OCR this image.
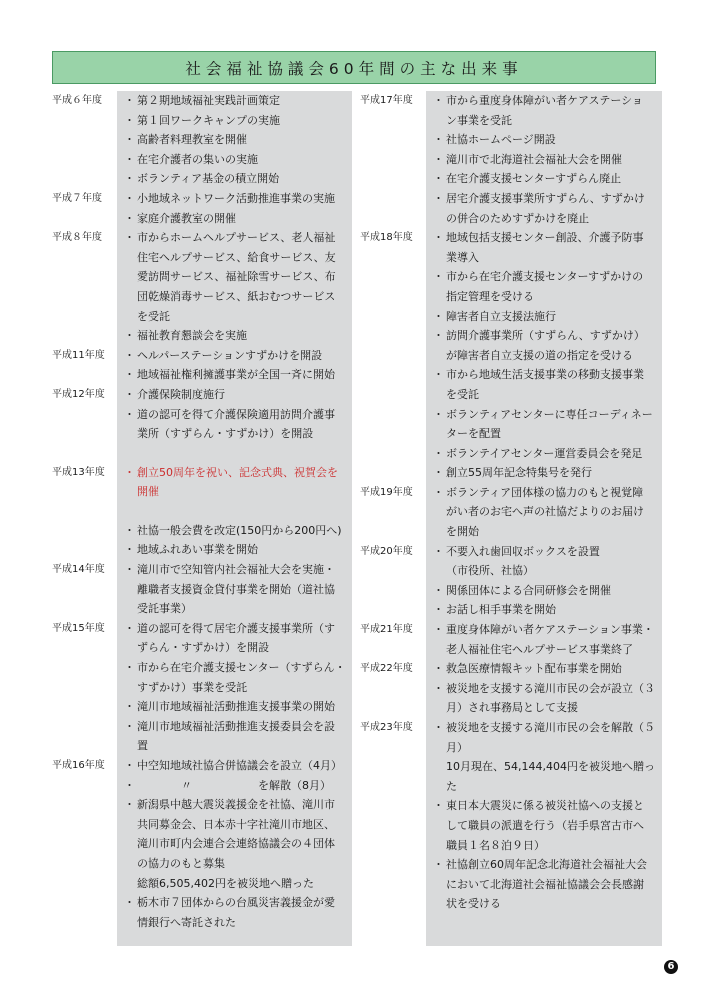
社会福祉協議会60年間の主な出来事
平成６年度	・ 第２期地域福祉実践計画策定
・ 第１回ワークキャンプの実施
・ 高齢者料理教室を開催
・ 在宅介護者の集いの実施
・ ボランティア基金の積立開始
平成７年度	・ 小地域ネットワーク活動推進事業の実施
・ 家庭介護教室の開催
平成８年度	・ 市からホームヘルプサービス、老人福祉
住宅ヘルプサービス、給食サービス、友
愛訪問サービス、福祉除雪サービス、布
団乾燥消毒サービス、紙おむつサービス
を受託
・ 福祉教育懇談会を実施
平成11年度	・ ヘルパーステーションすずかけを開設
・ 地域福祉権利擁護事業が全国一斉に開始
平成12年度	・ 介護保険制度施行
・ 道の認可を得て介護保険適用訪問介護事
業所（すずらん・すずかけ）を開設
平成13年度	・ 創立50周年を祝い、記念式典、祝賀会を
開催
・ 社協一般会費を改定(150円から200円へ)
・ 地域ふれあい事業を開始
平成14年度	・ 滝川市で空知管内社会福祉大会を実施・
離職者支援資金貸付事業を開始（道社協
受託事業）
平成15年度	・ 道の認可を得て居宅介護支援事業所（す
ずらん・すずかけ）を開設
・ 市から在宅介護支援センター（すずらん・
すずかけ）事業を受託
・ 滝川市地域福祉活動推進支援事業の開始
・ 滝川市地域福祉活動推進支援委員会を設
置
平成16年度	・ 中空知地域社協合併協議会を設立（4月）
・ 　　　　〃　　　　　　を解散（8月）
・ 新潟県中越大震災義援金を社協、滝川市
共同募金会、日本赤十字社滝川市地区、
滝川市町内会連合会連絡協議会の４団体
の協力のもと募集
総額6,505,402円を被災地へ贈った
・ 栃木市７団体からの台風災害義援金が愛
情銀行へ寄託された
平成17年度	・ 市から重度身体障がい者ケアステーショ
ン事業を受託
・ 社協ホームページ開設
・ 滝川市で北海道社会福祉大会を開催
・ 在宅介護支援センターすずらん廃止
・ 居宅介護支援事業所すずらん、すずかけ
の併合のためすずかけを廃止
平成18年度	・ 地域包括支援センター創設、介護予防事
業導入
・ 市から在宅介護支援センターすずかけの
指定管理を受ける
・ 障害者自立支援法施行
・ 訪問介護事業所（すずらん、すずかけ）
が障害者自立支援の道の指定を受ける
・ 市から地域生活支援事業の移動支援事業
を受託
・ ボランティアセンターに専任コーディネー
ターを配置
・ ボランテイアセンター運営委員会を発足
・ 創立55周年記念特集号を発行
平成19年度	・ ボランティア団体様の協力のもと視覚障
がい者のお宅へ声の社協だよりのお届け
を開始
平成20年度	・ 不要入れ歯回収ボックスを設置
（市役所、社協）
・ 関係団体による合同研修会を開催
・ お話し相手事業を開始
平成21年度	・ 重度身体障がい者ケアステーション事業・
老人福祉住宅ヘルプサービス事業終了
平成22年度	・ 救急医療情報キット配布事業を開始
・ 被災地を支援する滝川市民の会が設立（３
月）され事務局として支援
平成23年度	・ 被災地を支援する滝川市民の会を解散（５
月）
10月現在、54,144,404円を被災地へ贈っ
た
・ 東日本大震災に係る被災社協への支援と
して職員の派遣を行う（岩手県宮古市へ
職員１名８泊９日）
・ 社協創立60周年記念北海道社会福祉大会
において北海道社会福祉協議会会長感謝
状を受ける
6
